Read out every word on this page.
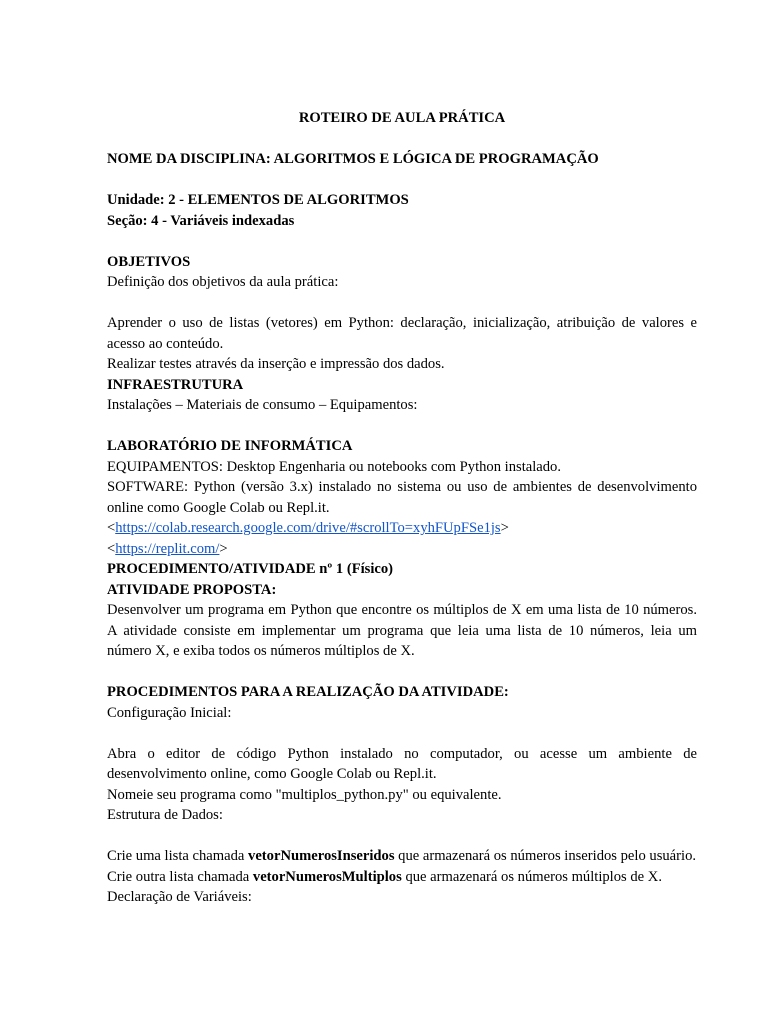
ROTEIRO DE AULA PRÁTICA
NOME DA DISCIPLINA: ALGORITMOS E LÓGICA DE PROGRAMAÇÃO
Unidade: 2 - ELEMENTOS DE ALGORITMOS
Seção: 4 - Variáveis indexadas
OBJETIVOS
Definição dos objetivos da aula prática:
Aprender o uso de listas (vetores) em Python: declaração, inicialização, atribuição de valores e acesso ao conteúdo.
Realizar testes através da inserção e impressão dos dados.
INFRAESTRUTURA
Instalações – Materiais de consumo – Equipamentos:
LABORATÓRIO DE INFORMÁTICA
EQUIPAMENTOS: Desktop Engenharia ou notebooks com Python instalado.
SOFTWARE: Python (versão 3.x) instalado no sistema ou uso de ambientes de desenvolvimento online como Google Colab ou Repl.it.
<https://colab.research.google.com/drive/#scrollTo=xyhFUpFSe1js>
<https://replit.com/>
PROCEDIMENTO/ATIVIDADE nº 1 (Físico)
ATIVIDADE PROPOSTA:
Desenvolver um programa em Python que encontre os múltiplos de X em uma lista de 10 números. A atividade consiste em implementar um programa que leia uma lista de 10 números, leia um número X, e exiba todos os números múltiplos de X.
PROCEDIMENTOS PARA A REALIZAÇÃO DA ATIVIDADE:
Configuração Inicial:
Abra o editor de código Python instalado no computador, ou acesse um ambiente de desenvolvimento online, como Google Colab ou Repl.it.
Nomeie seu programa como "multiplos_python.py" ou equivalente.
Estrutura de Dados:
Crie uma lista chamada vetorNumerosInseridos que armazenará os números inseridos pelo usuário.
Crie outra lista chamada vetorNumerosMultiplos que armazenará os números múltiplos de X.
Declaração de Variáveis:
